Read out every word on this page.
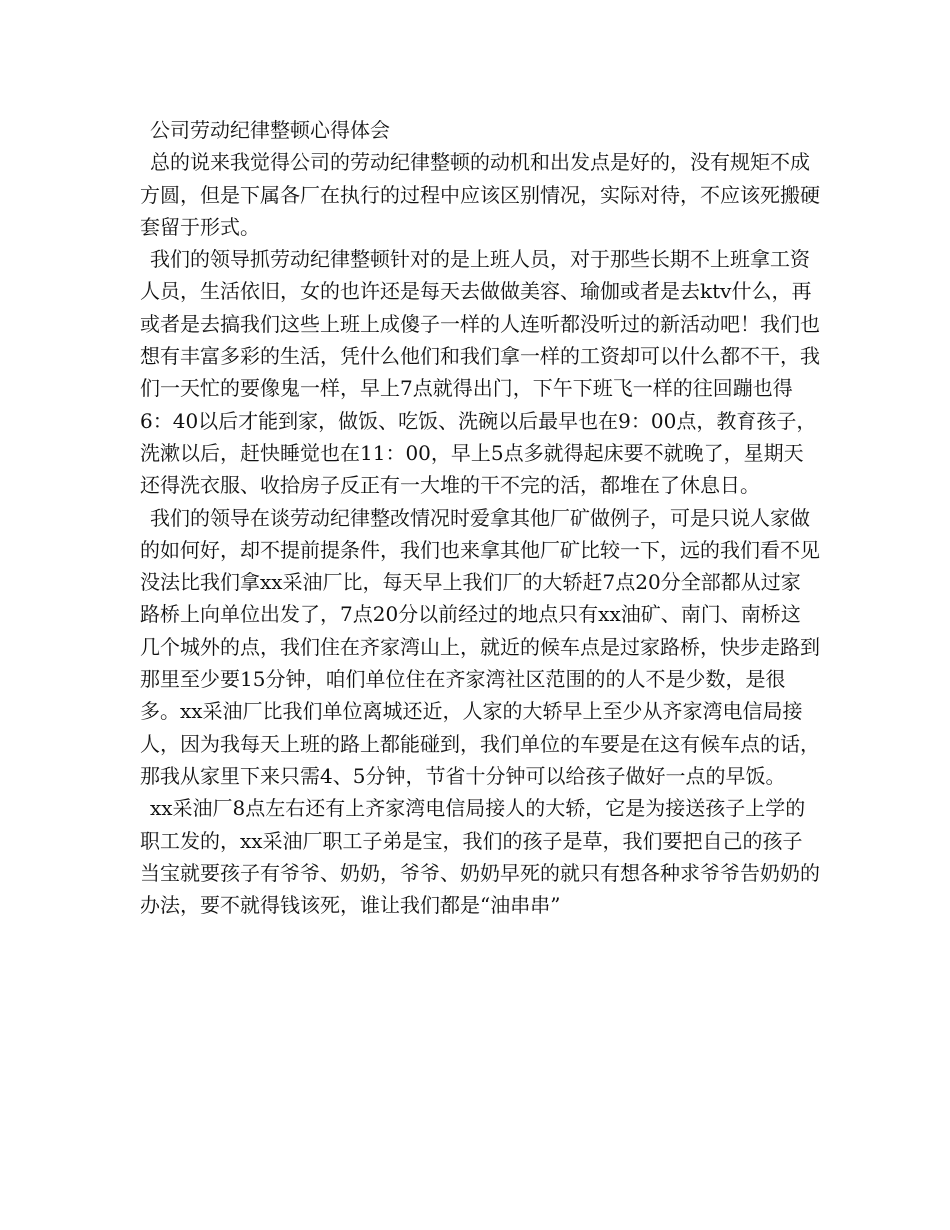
公司劳动纪律整顿心得体会

总的说来我觉得公司的劳动纪律整顿的动机和出发点是好的，没有规矩不成方圆，但是下属各厂在执行的过程中应该区别情况，实际对待，不应该死搬硬套留于形式。

我们的领导抓劳动纪律整顿针对的是上班人员，对于那些长期不上班拿工资人员，生活依旧，女的也许还是每天去做做美容、瑜伽或者是去ktv什么，再或者是去搞我们这些上班上成傻子一样的人连听都没听过的新活动吧！我们也想有丰富多彩的生活，凭什么他们和我们拿一样的工资却可以什么都不干，我们一天忙的要像鬼一样，早上7点就得出门，下午下班飞一样的往回蹦也得6：40以后才能到家，做饭、吃饭、洗碗以后最早也在9：00点，教育孩子，洗漱以后，赶快睡觉也在11：00，早上5点多就得起床要不就晚了，星期天还得洗衣服、收拾房子反正有一大堆的干不完的活，都堆在了休息日。

我们的领导在谈劳动纪律整改情况时爱拿其他厂矿做例子，可是只说人家做的如何好，却不提前提条件，我们也来拿其他厂矿比较一下，远的我们看不见没法比我们拿xx采油厂比，每天早上我们厂的大轿赶7点20分全部都从过家路桥上向单位出发了，7点20分以前经过的地点只有xx油矿、南门、南桥这几个城外的点，我们住在齐家湾山上，就近的候车点是过家路桥，快步走路到那里至少要15分钟，咱们单位住在齐家湾社区范围的的人不是少数，是很多。xx采油厂比我们单位离城还近，人家的大轿早上至少从齐家湾电信局接人，因为我每天上班的路上都能碰到，我们单位的车要是在这有候车点的话，那我从家里下来只需4、5分钟，节省十分钟可以给孩子做好一点的早饭。

xx采油厂8点左右还有上齐家湾电信局接人的大轿，它是为接送孩子上学的职工发的，xx采油厂职工子弟是宝，我们的孩子是草，我们要把自己的孩子当宝就要孩子有爷爷、奶奶，爷爷、奶奶早死的就只有想各种求爷爷告奶奶的办法，要不就得钱该死，谁让我们都是“油串串”
